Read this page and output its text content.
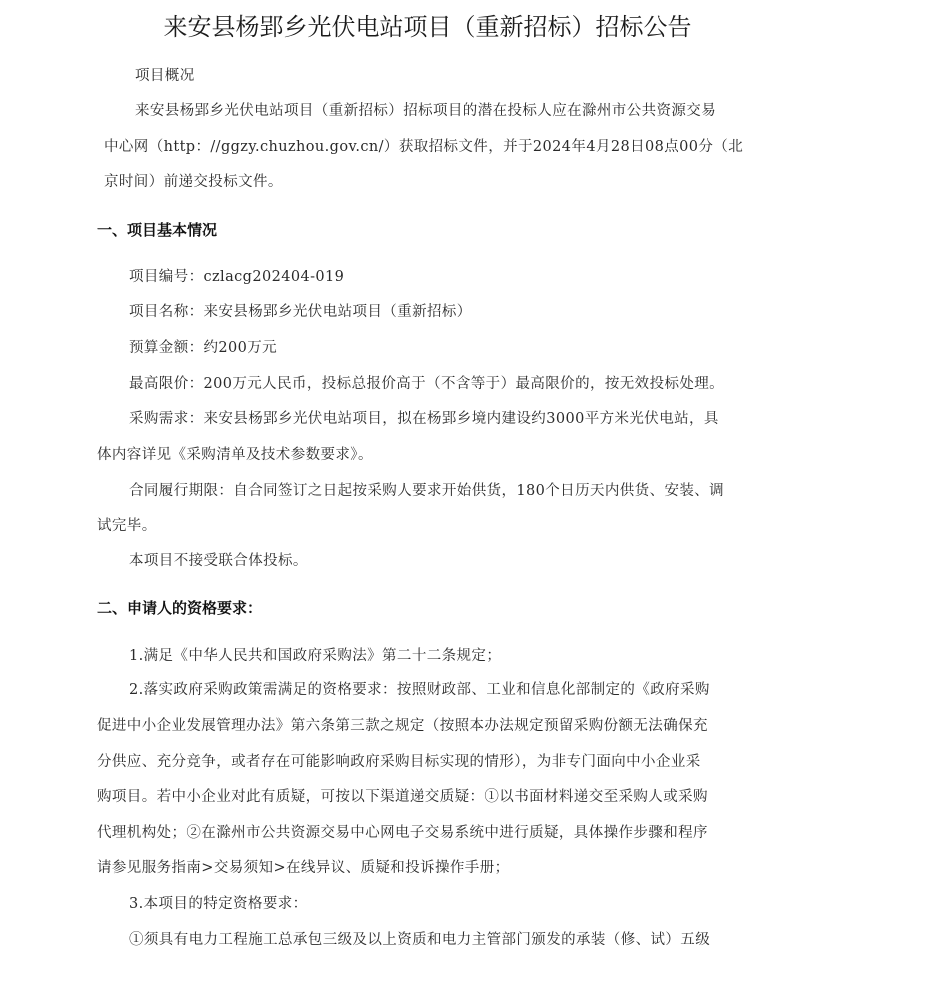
来安县杨郢乡光伏电站项目（重新招标）招标公告
项目概况
来安县杨郢乡光伏电站项目（重新招标）招标项目的潜在投标人应在滁州市公共资源交易
中心网（http：//ggzy.chuzhou.gov.cn/）获取招标文件，并于2024年4月28日08点00分（北
京时间）前递交投标文件。
一、项目基本情况
项目编号：czlacg202404-019
项目名称：来安县杨郢乡光伏电站项目（重新招标）
预算金额：约200万元
最高限价：200万元人民币，投标总报价高于（不含等于）最高限价的，按无效投标处理。
采购需求：来安县杨郢乡光伏电站项目，拟在杨郢乡境内建设约3000平方米光伏电站，具
体内容详见《采购清单及技术参数要求》。
合同履行期限：自合同签订之日起按采购人要求开始供货，180个日历天内供货、安装、调
试完毕。
本项目不接受联合体投标。
二、申请人的资格要求：
1.满足《中华人民共和国政府采购法》第二十二条规定；
2.落实政府采购政策需满足的资格要求：按照财政部、工业和信息化部制定的《政府采购
促进中小企业发展管理办法》第六条第三款之规定（按照本办法规定预留采购份额无法确保充
分供应、充分竞争，或者存在可能影响政府采购目标实现的情形），为非专门面向中小企业采
购项目。若中小企业对此有质疑，可按以下渠道递交质疑：①以书面材料递交至采购人或采购
代理机构处；②在滁州市公共资源交易中心网电子交易系统中进行质疑，具体操作步骤和程序
请参见服务指南>交易须知>在线异议、质疑和投诉操作手册；
3.本项目的特定资格要求：
①须具有电力工程施工总承包三级及以上资质和电力主管部门颁发的承装（修、试）五级
